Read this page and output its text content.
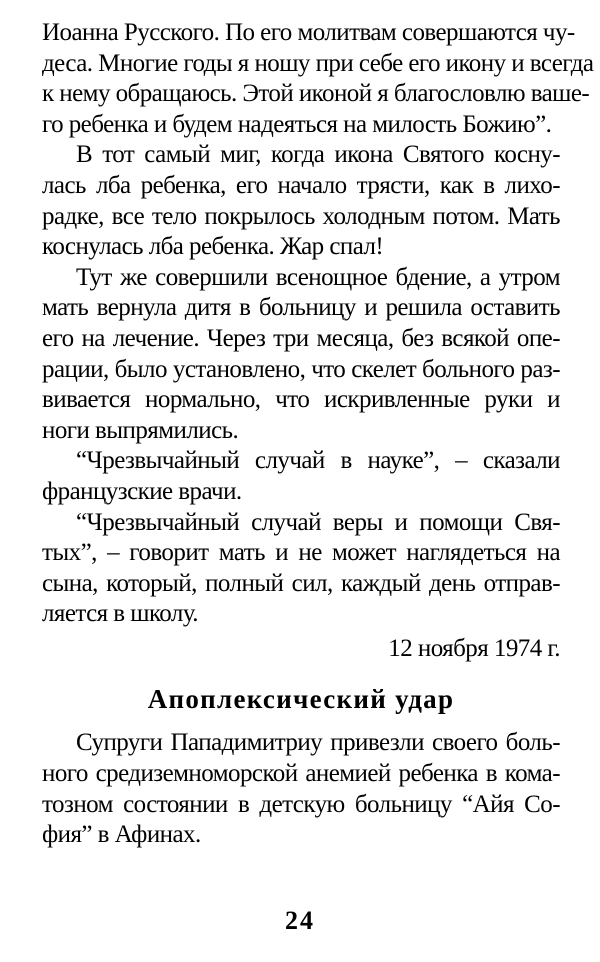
Иоанна Русского. По его молитвам совершаются чу-
деса. Многие годы я ношу при себе его икону и всегда
к нему обращаюсь. Этой иконой я благословлю ваше-
го ребенка и будем надеяться на милость Божию”.
В тот самый миг, когда икона Святого косну-
лась лба ребенка, его начало трясти, как в лихо-
радке, все тело покрылось холодным потом. Мать
коснулась лба ребенка. Жар спал!
Тут же совершили всенощное бдение, а утром
мать вернула дитя в больницу и решила оставить
его на лечение. Через три месяца, без всякой опе-
рации, было установлено, что скелет больного раз-
вивается нормально, что искривленные руки и
ноги выпрямились.
“Чрезвычайный случай в науке”, – сказали
французские врачи.
“Чрезвычайный случай веры и помощи Свя-
тых”, – говорит мать и не может наглядеться на
сына, который, полный сил, каждый день отправ-
ляется в школу.
12 ноября 1974 г.
Апоплексический удар
Супруги Пападимитриу привезли своего боль-
ного средиземноморской анемией ребенка в кома-
тозном состоянии в детскую больницу “Айя Со-
фия” в Афинах.
24
